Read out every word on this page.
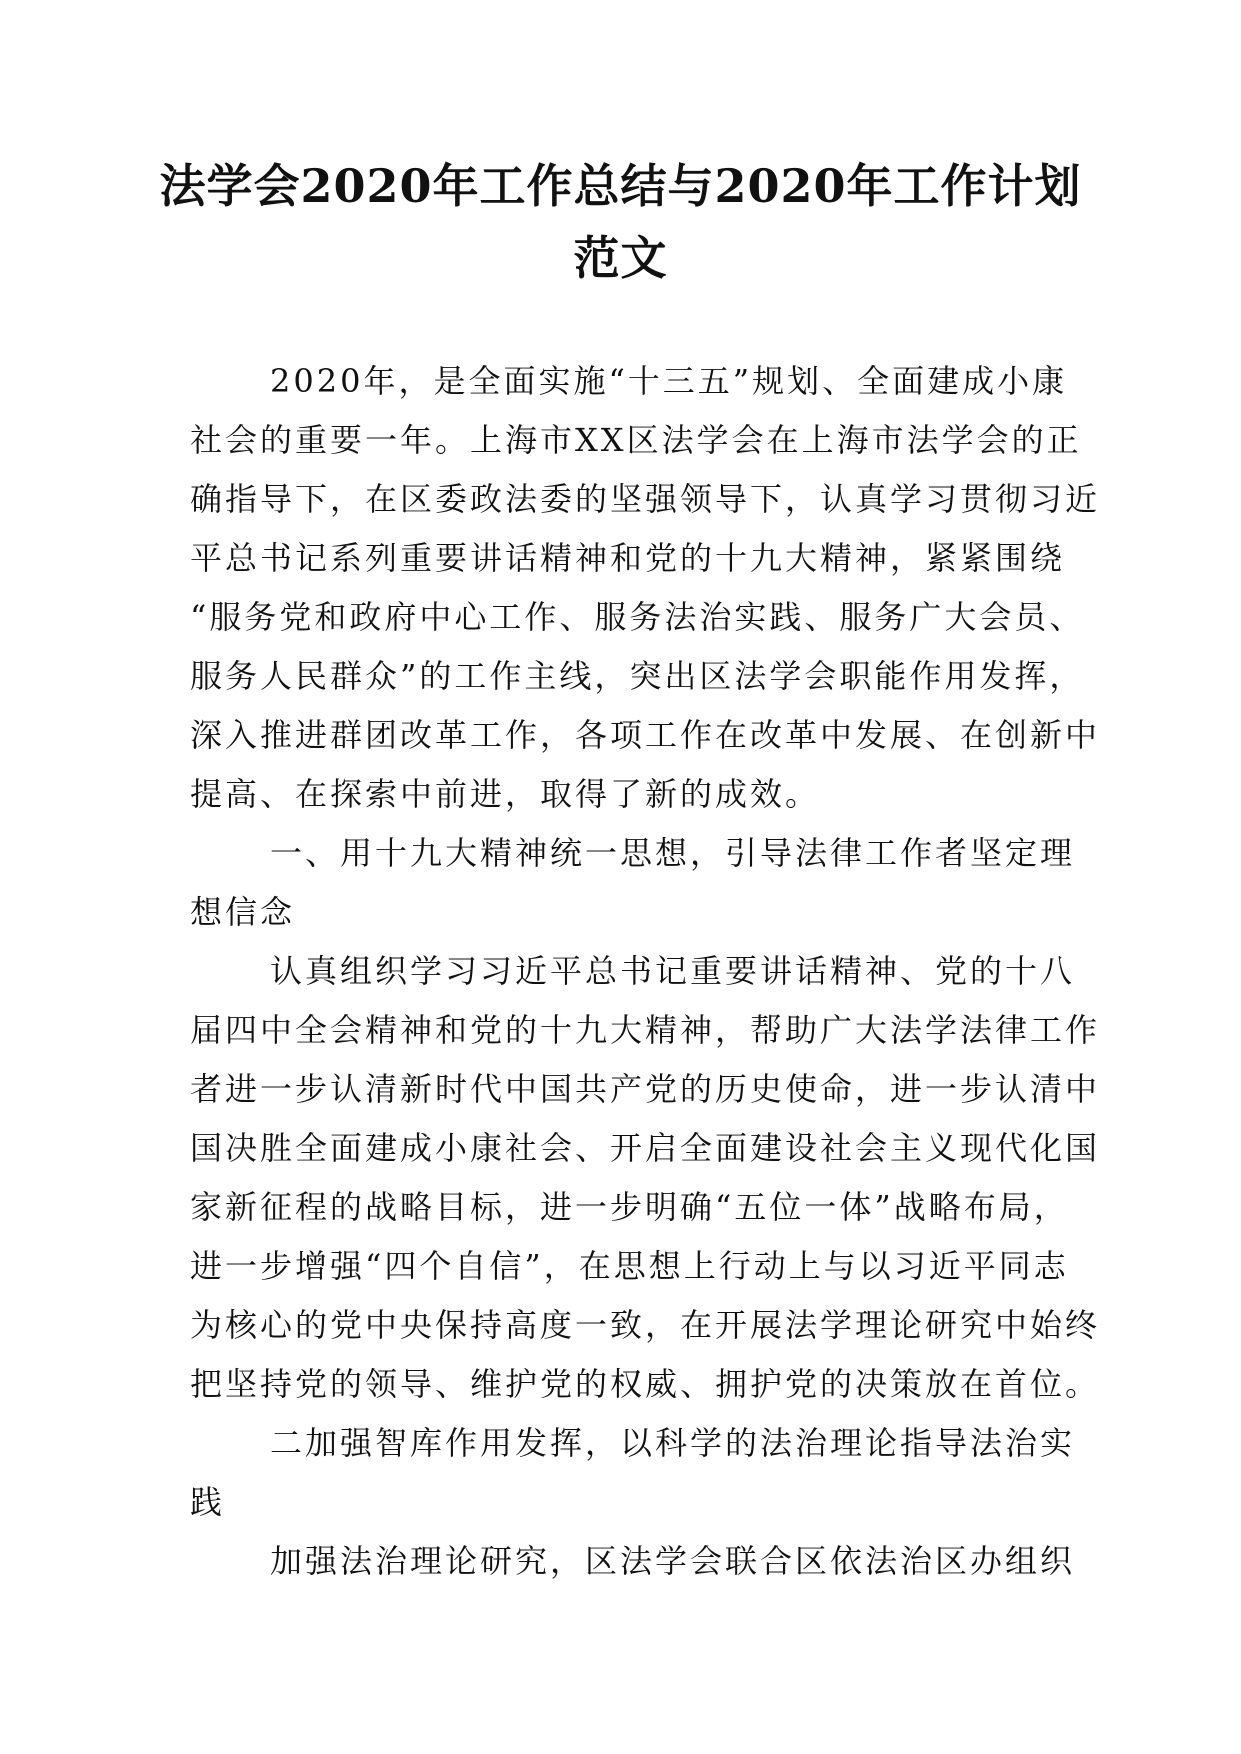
法学会2020年工作总结与2020年工作计划
范文
2020年，是全面实施“十三五”规划、全面建成小康
社会的重要一年。上海市XX区法学会在上海市法学会的正
确指导下，在区委政法委的坚强领导下，认真学习贯彻习近
平总书记系列重要讲话精神和党的十九大精神，紧紧围绕
“服务党和政府中心工作、服务法治实践、服务广大会员、
服务人民群众”的工作主线，突出区法学会职能作用发挥，
深入推进群团改革工作，各项工作在改革中发展、在创新中
提高、在探索中前进，取得了新的成效。
一、用十九大精神统一思想，引导法律工作者坚定理
想信念
认真组织学习习近平总书记重要讲话精神、党的十八
届四中全会精神和党的十九大精神，帮助广大法学法律工作
者进一步认清新时代中国共产党的历史使命，进一步认清中
国决胜全面建成小康社会、开启全面建设社会主义现代化国
家新征程的战略目标，进一步明确“五位一体”战略布局，
进一步增强“四个自信”，在思想上行动上与以习近平同志
为核心的党中央保持高度一致，在开展法学理论研究中始终
把坚持党的领导、维护党的权威、拥护党的决策放在首位。
二加强智库作用发挥，以科学的法治理论指导法治实
践
加强法治理论研究，区法学会联合区依法治区办组织
